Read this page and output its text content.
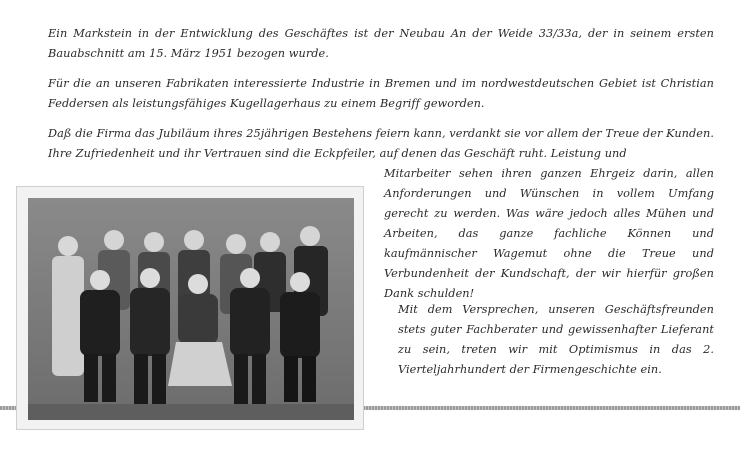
Ein Markstein in der Entwicklung des Geschäftes ist der Neubau An der Weide 33/33a, der in seinem ersten Bauabschnitt am 15. März 1951 bezogen wurde.

Für die an unseren Fabrikaten interessierte Industrie in Bremen und im nordwestdeutschen Gebiet ist Christian Feddersen als leistungsfähiges Kugellagerhaus zu einem Begriff geworden.

Daß die Firma das Jubiläum ihres 25jährigen Bestehens feiern kann, verdankt sie vor allem der Treue der Kunden. Ihre Zufriedenheit und ihr Vertrauen sind die Eckpfeiler, auf denen das Geschäft ruht. Leistung und

Mitarbeiter sehen ihren ganzen Ehrgeiz darin, allen Anforderungen und Wünschen in vollem Umfang gerecht zu werden. Was wäre jedoch alles Mühen und Arbeiten, das ganze fachliche Können und kaufmännischer Wagemut ohne die Treue und Verbundenheit der Kundschaft, der wir hierfür großen Dank schulden!

Mit dem Versprechen, unseren Geschäftsfreunden stets guter Fachberater und gewissenhafter Lieferant zu sein, treten wir mit Optimismus in das 2. Vierteljahrhundert der Firmengeschichte ein.
